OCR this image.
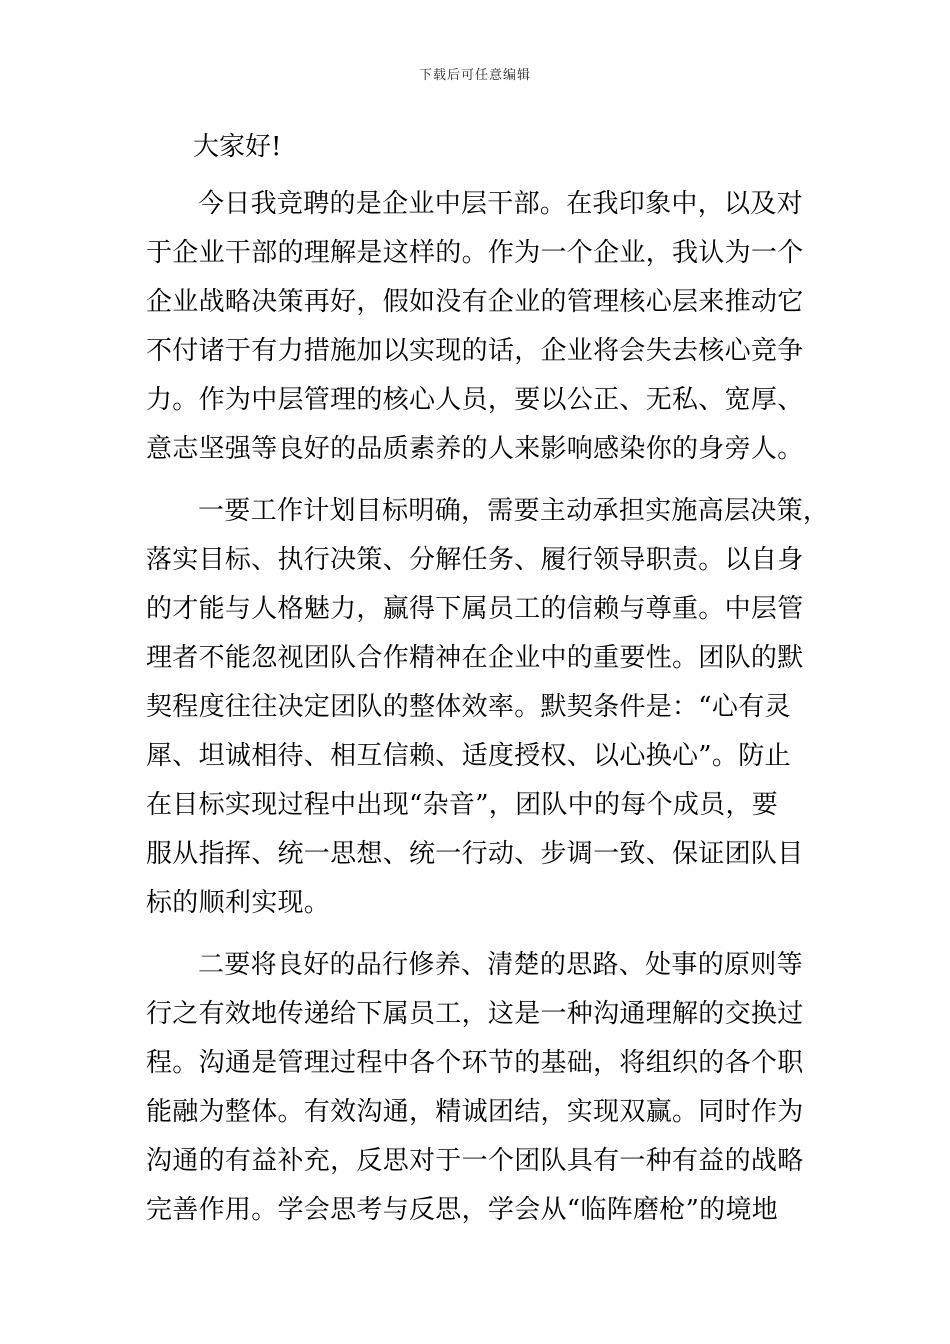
下载后可任意编辑
大家好!
今日我竞聘的是企业中层干部。在我印象中，以及对
于企业干部的理解是这样的。作为一个企业，我认为一个
企业战略决策再好，假如没有企业的管理核心层来推动它
不付诸于有力措施加以实现的话，企业将会失去核心竞争
力。作为中层管理的核心人员，要以公正、无私、宽厚、
意志坚强等良好的品质素养的人来影响感染你的身旁人。
一要工作计划目标明确，需要主动承担实施高层决策，
落实目标、执行决策、分解任务、履行领导职责。以自身
的才能与人格魅力，赢得下属员工的信赖与尊重。中层管
理者不能忽视团队合作精神在企业中的重要性。团队的默
契程度往往决定团队的整体效率。默契条件是：“心有灵
犀、坦诚相待、相互信赖、适度授权、以心换心”。防止
在目标实现过程中出现“杂音”，团队中的每个成员，要
服从指挥、统一思想、统一行动、步调一致、保证团队目
标的顺利实现。
二要将良好的品行修养、清楚的思路、处事的原则等
行之有效地传递给下属员工，这是一种沟通理解的交换过
程。沟通是管理过程中各个环节的基础，将组织的各个职
能融为整体。有效沟通，精诚团结，实现双赢。同时作为
沟通的有益补充，反思对于一个团队具有一种有益的战略
完善作用。学会思考与反思，学会从“临阵磨枪”的境地
